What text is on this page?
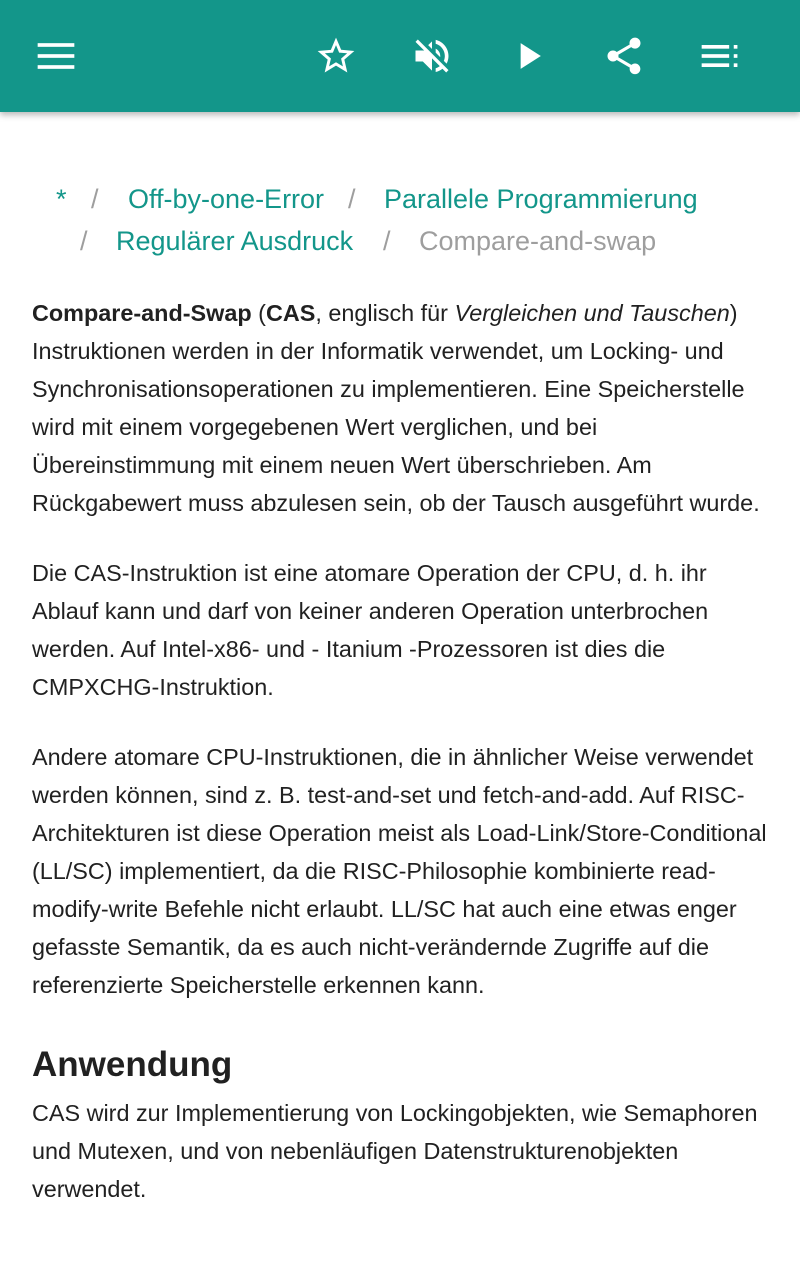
* / Off-by-one-Error / Parallele Programmierung
/ Regulärer Ausdruck / Compare-and-swap

Compare-and-Swap (CAS, englisch für Vergleichen und Tauschen) Instruktionen werden in der Informatik verwendet, um Locking- und Synchronisationsoperationen zu implementieren. Eine Speicherstelle wird mit einem vorgegebenen Wert verglichen, und bei Übereinstimmung mit einem neuen Wert überschrieben. Am Rückgabewert muss abzulesen sein, ob der Tausch ausgeführt wurde.

Die CAS-Instruktion ist eine atomare Operation der CPU, d. h. ihr Ablauf kann und darf von keiner anderen Operation unterbrochen werden. Auf Intel-x86- und - Itanium -Prozessoren ist dies die CMPXCHG-Instruktion.

Andere atomare CPU-Instruktionen, die in ähnlicher Weise verwendet werden können, sind z. B. test-and-set und fetch-and-add. Auf RISC-Architekturen ist diese Operation meist als Load-Link/Store-Conditional (LL/SC) implementiert, da die RISC-Philosophie kombinierte read-modify-write Befehle nicht erlaubt. LL/SC hat auch eine etwas enger gefasste Semantik, da es auch nicht-verändernde Zugriffe auf die referenzierte Speicherstelle erkennen kann.

Anwendung

CAS wird zur Implementierung von Lockingobjekten, wie Semaphoren und Mutexen, und von nebenläufigen Datenstrukturenobjekten verwendet.
